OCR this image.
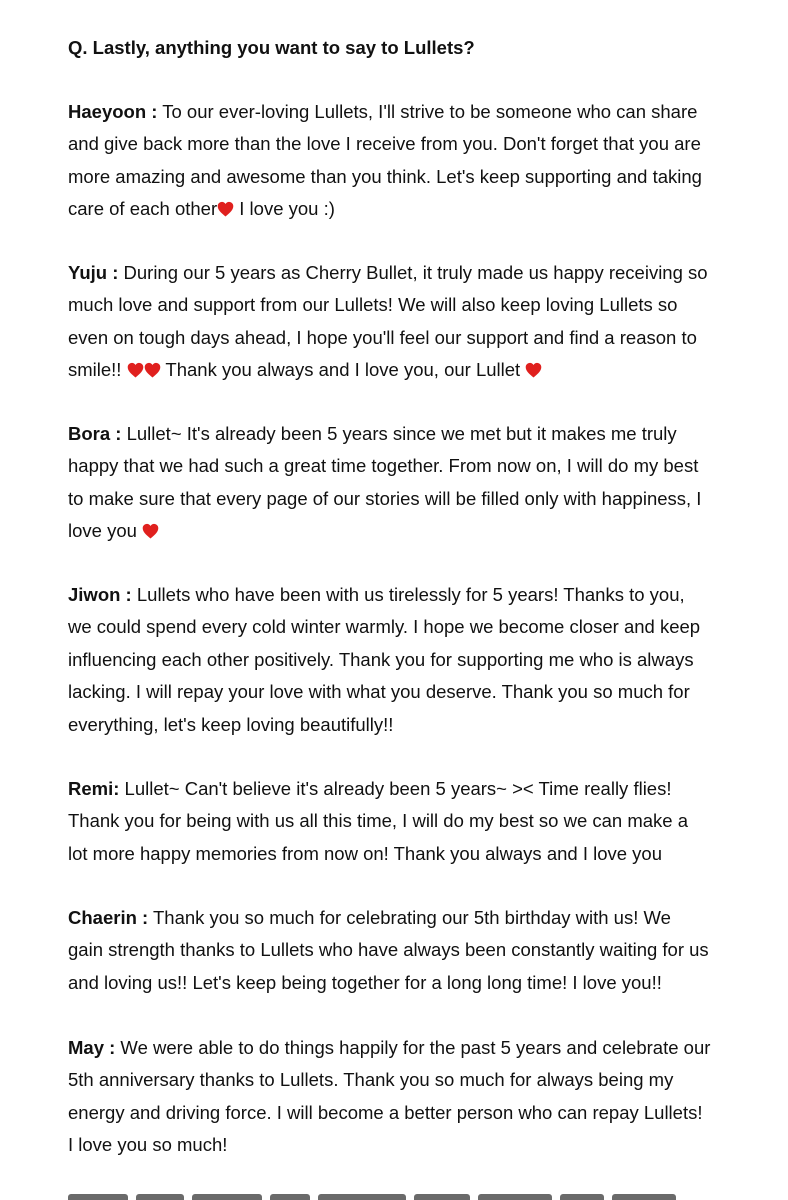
Q. Lastly, anything you want to say to Lullets?
Haeyoon : To our ever-loving Lullets, I'll strive to be someone who can share
and give back more than the love I receive from you. Don't forget that you are
more amazing and awesome than you think. Let's keep supporting and taking
care of each other
I love you :)
Yuju : During our 5 years as Cherry Bullet, it truly made us happy receiving so
much love and support from our Lullets! We will also keep loving Lullets so
even on tough days ahead, I hope you'll feel our support and find a reason to
smile!!
Thank you always and I love you, our Lullet
Bora : Lullet~ It's already been 5 years since we met but it makes me truly
happy that we had such a great time together. From now on, I will do my best
to make sure that every page of our stories will be filled only with happiness, I
love you
Jiwon : Lullets who have been with us tirelessly for 5 years! Thanks to you,
we could spend every cold winter warmly. I hope we become closer and keep
influencing each other positively. Thank you for supporting me who is always
lacking. I will repay your love with what you deserve. Thank you so much for
everything, let's keep loving beautifully!!
Remi: Lullet~ Can't believe it's already been 5 years~ >< Time really flies!
Thank you for being with us all this time, I will do my best so we can make a
lot more happy memories from now on! Thank you always and I love you
Chaerin : Thank you so much for celebrating our 5th birthday with us! We
gain strength thanks to Lullets who have always been constantly waiting for us
and loving us!! Let's keep being together for a long long time! I love you!!
May : We were able to do things happily for the past 5 years and celebrate our
5th anniversary thanks to Lullets. Thank you so much for always being my
energy and driving force. I will become a better person who can repay Lullets!
I love you so much!
